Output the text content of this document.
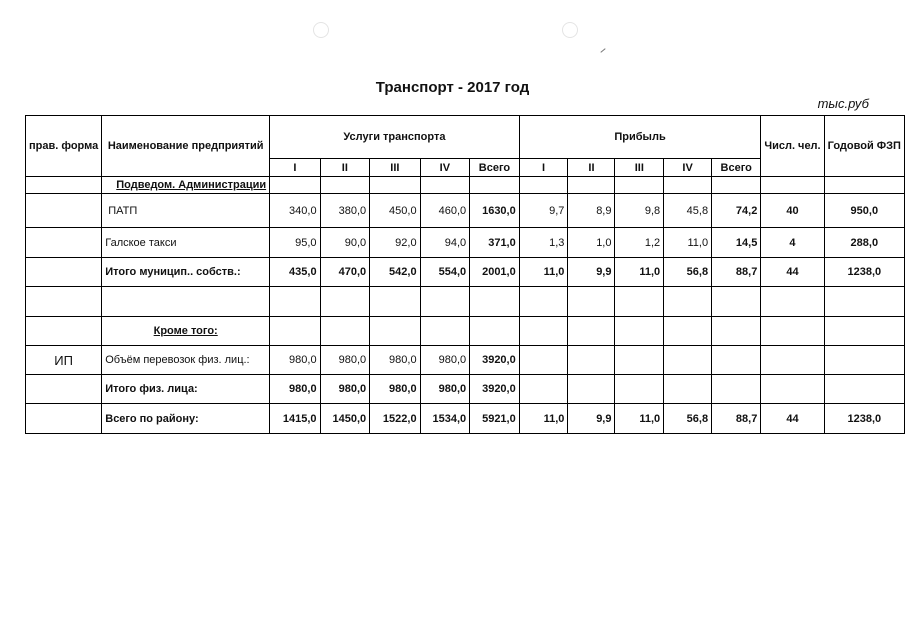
Транспорт - 2017 год
тыс.руб
прав. форма	Наименование предприятий	Услуги транспорта					Прибыль					Числ. чел.	Годовой ФЗП
		I	II	III	IV	Всего	I	II	III	IV	Всего		
	Подведом. Администрации												
	ПАТП	340,0	380,0	450,0	460,0	1630,0	9,7	8,9	9,8	45,8	74,2	40	950,0
	Галское такси	95,0	90,0	92,0	94,0	371,0	1,3	1,0	1,2	11,0	14,5	4	288,0
	Итого муницип.. собств.:	435,0	470,0	542,0	554,0	2001,0	11,0	9,9	11,0	56,8	88,7	44	1238,0

	Кроме того:												
ИП	Объём перевозок физ. лиц.:	980,0	980,0	980,0	980,0	3920,0							
	Итого физ. лица:	980,0	980,0	980,0	980,0	3920,0							
	Всего по району:	1415,0	1450,0	1522,0	1534,0	5921,0	11,0	9,9	11,0	56,8	88,7	44	1238,0
